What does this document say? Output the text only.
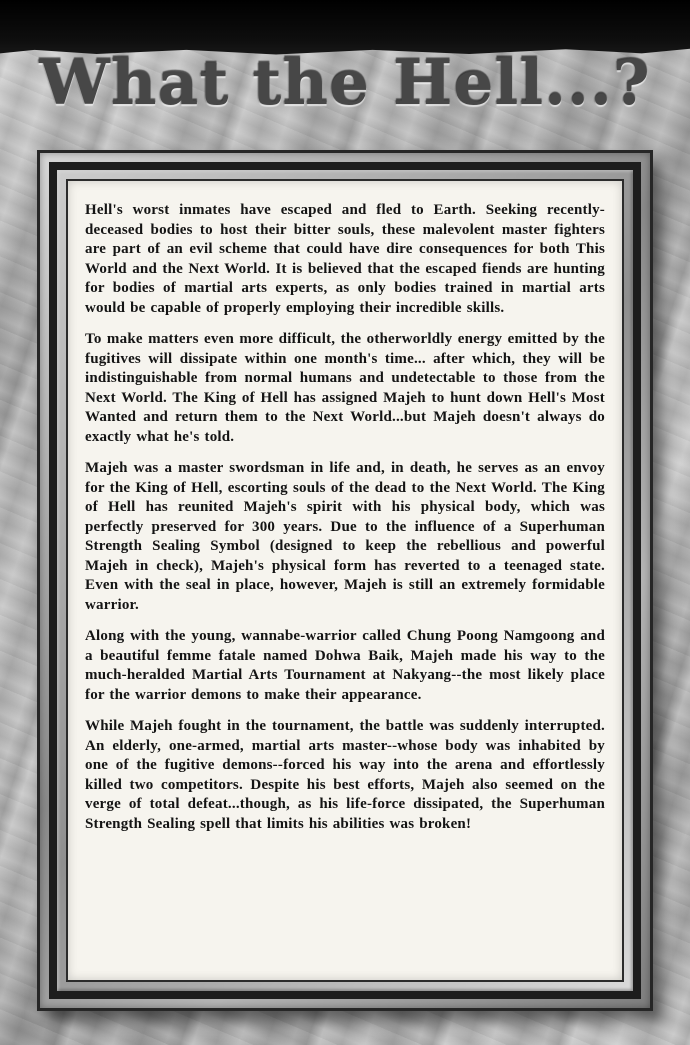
What the Hell...?

Hell's worst inmates have escaped and fled to Earth. Seeking recently-deceased bodies to host their bitter souls, these malevolent master fighters are part of an evil scheme that could have dire consequences for both This World and the Next World. It is believed that the escaped fiends are hunting for bodies of martial arts experts, as only bodies trained in martial arts would be capable of properly employing their incredible skills.

To make matters even more difficult, the otherworldly energy emitted by the fugitives will dissipate within one month's time... after which, they will be indistinguishable from normal humans and undetectable to those from the Next World. The King of Hell has assigned Majeh to hunt down Hell's Most Wanted and return them to the Next World...but Majeh doesn't always do exactly what he's told.

Majeh was a master swordsman in life and, in death, he serves as an envoy for the King of Hell, escorting souls of the dead to the Next World. The King of Hell has reunited Majeh's spirit with his physical body, which was perfectly preserved for 300 years. Due to the influence of a Superhuman Strength Sealing Symbol (designed to keep the rebellious and powerful Majeh in check), Majeh's physical form has reverted to a teenaged state. Even with the seal in place, however, Majeh is still an extremely formidable warrior.

Along with the young, wannabe-warrior called Chung Poong Namgoong and a beautiful femme fatale named Dohwa Baik, Majeh made his way to the much-heralded Martial Arts Tournament at Nakyang--the most likely place for the warrior demons to make their appearance.

While Majeh fought in the tournament, the battle was suddenly interrupted. An elderly, one-armed, martial arts master--whose body was inhabited by one of the fugitive demons--forced his way into the arena and effortlessly killed two competitors. Despite his best efforts, Majeh also seemed on the verge of total defeat...though, as his life-force dissipated, the Superhuman Strength Sealing spell that limits his abilities was broken!
